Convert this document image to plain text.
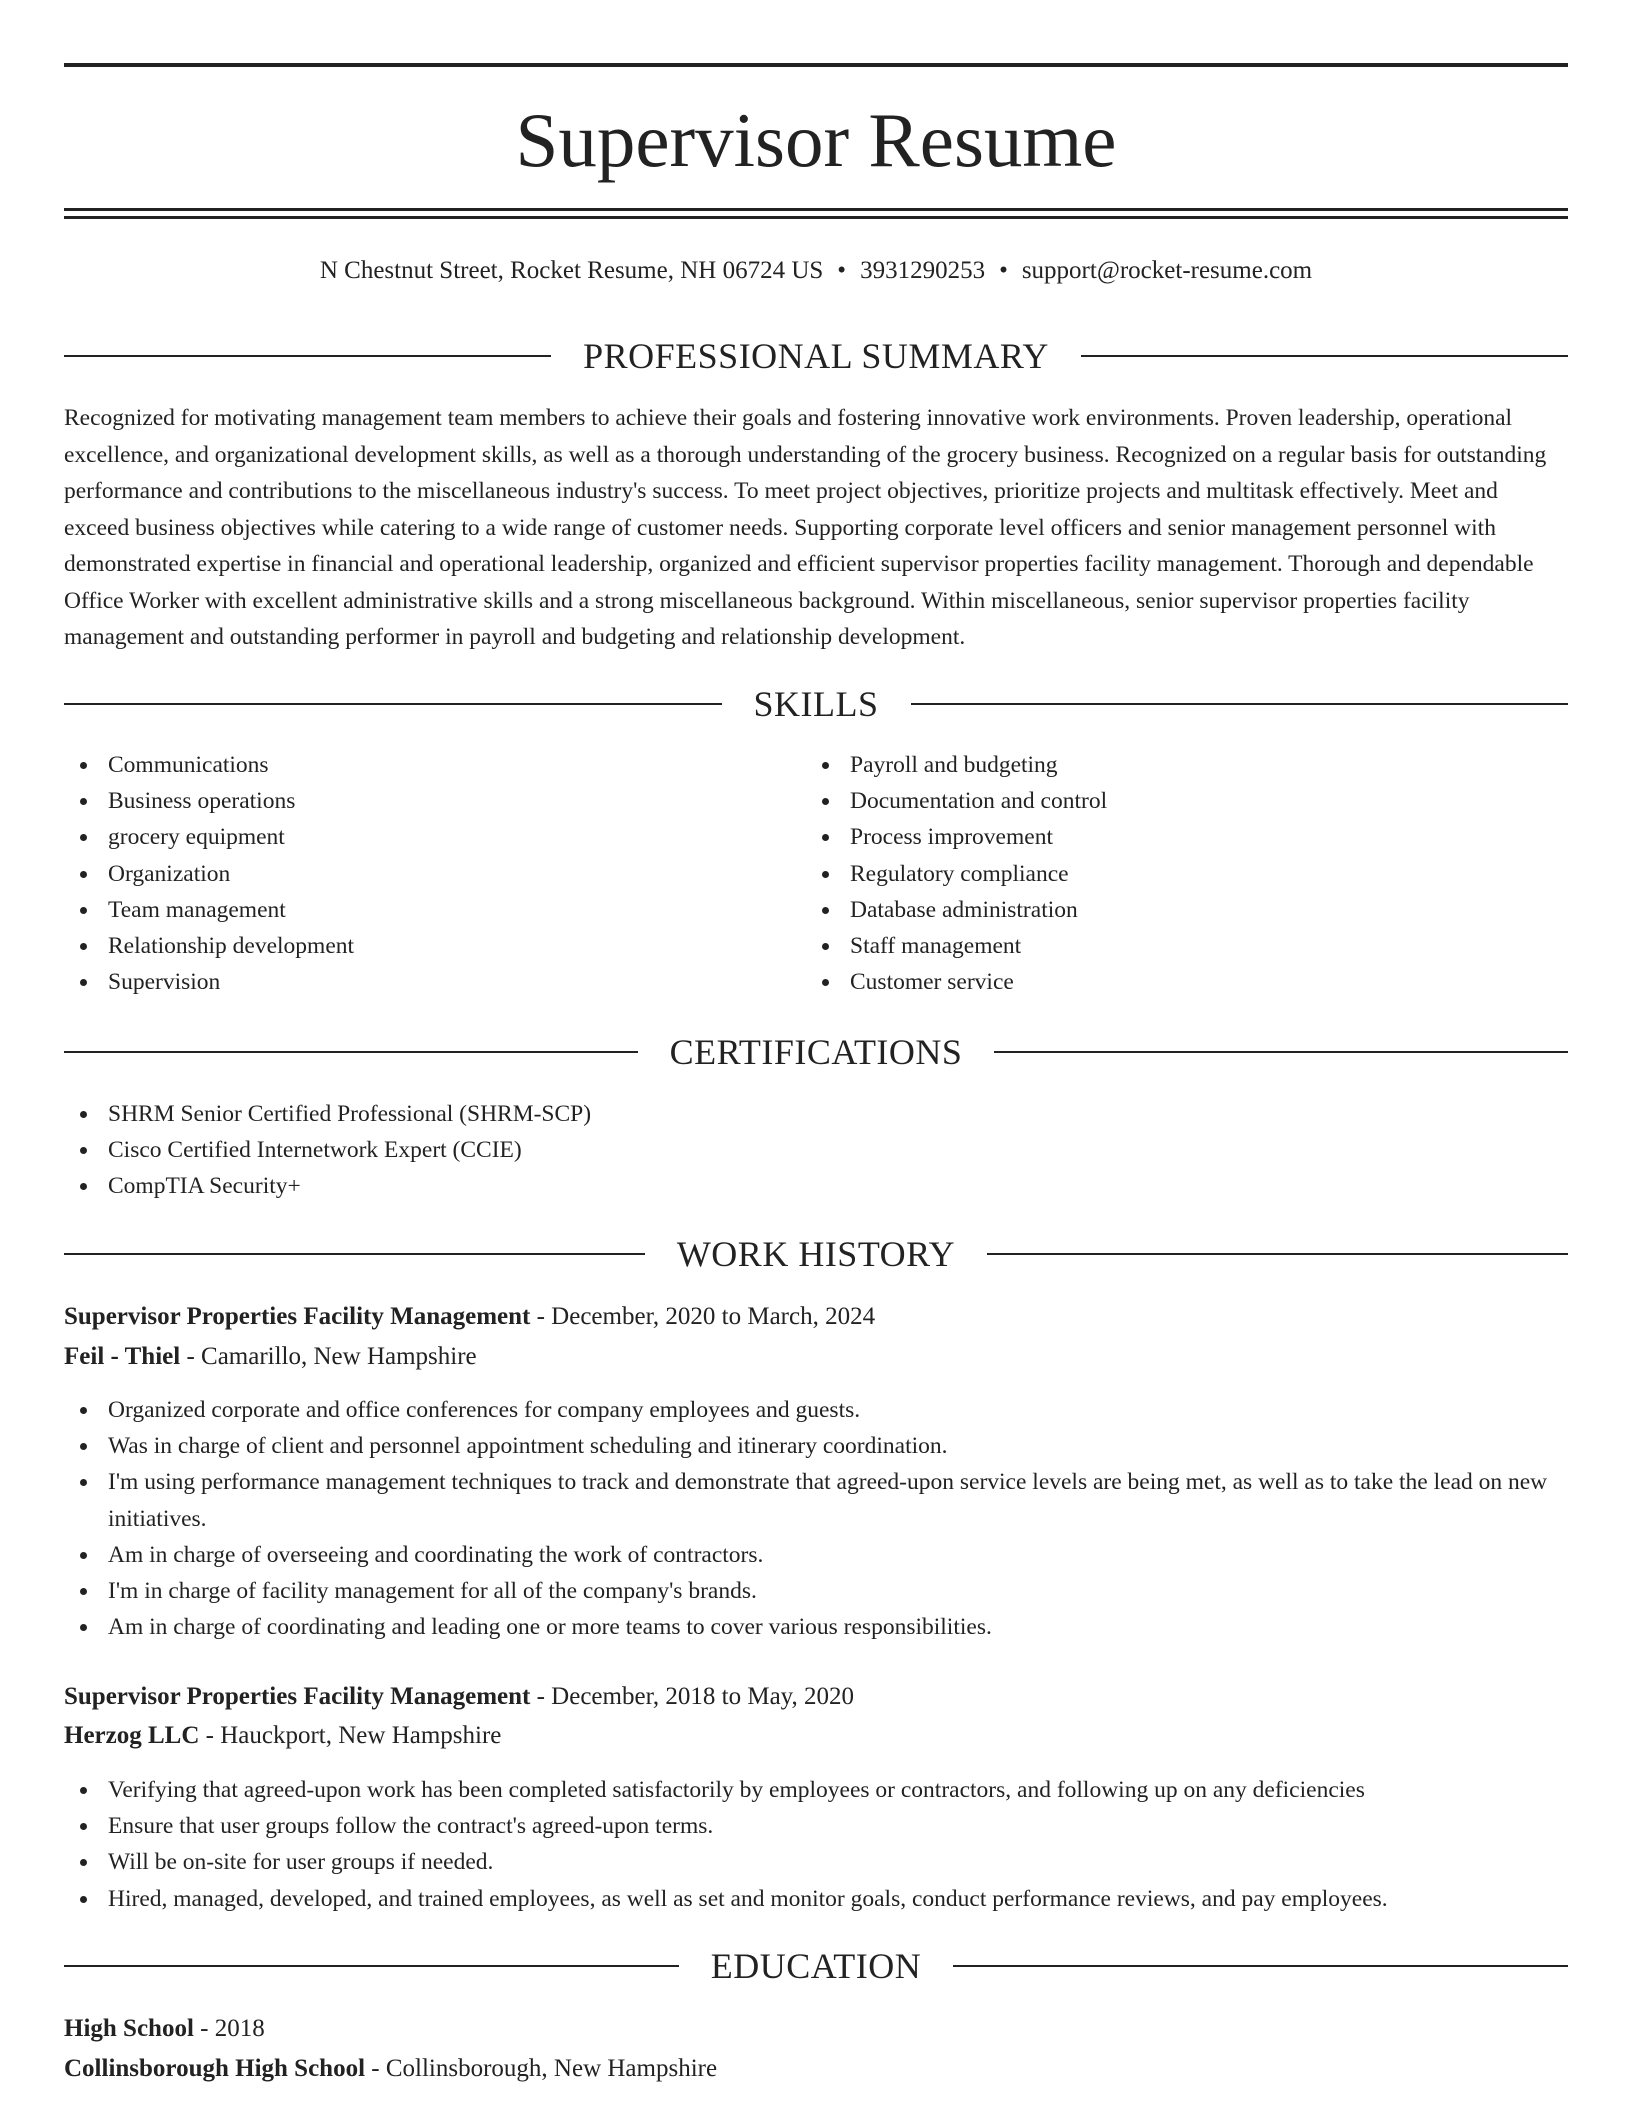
Supervisor Resume
N Chestnut Street, Rocket Resume, NH 06724 US • 3931290253 • support@rocket-resume.com
PROFESSIONAL SUMMARY

Recognized for motivating management team members to achieve their goals and fostering innovative work environments. Proven leadership, operational excellence, and organizational development skills, as well as a thorough understanding of the grocery business. Recognized on a regular basis for outstanding performance and contributions to the miscellaneous industry's success. To meet project objectives, prioritize projects and multitask effectively. Meet and exceed business objectives while catering to a wide range of customer needs. Supporting corporate level officers and senior management personnel with demonstrated expertise in financial and operational leadership, organized and efficient supervisor properties facility management. Thorough and dependable Office Worker with excellent administrative skills and a strong miscellaneous background. Within miscellaneous, senior supervisor properties facility management and outstanding performer in payroll and budgeting and relationship development.

SKILLS
Communications
Business operations
grocery equipment
Organization
Team management
Relationship development
Supervision
Payroll and budgeting
Documentation and control
Process improvement
Regulatory compliance
Database administration
Staff management
Customer service
CERTIFICATIONS
SHRM Senior Certified Professional (SHRM-SCP)
Cisco Certified Internetwork Expert (CCIE)
CompTIA Security+
WORK HISTORY
Supervisor Properties Facility Management - December, 2020 to March, 2024
Feil - Thiel - Camarillo, New Hampshire
Organized corporate and office conferences for company employees and guests.
Was in charge of client and personnel appointment scheduling and itinerary coordination.
I'm using performance management techniques to track and demonstrate that agreed-upon service levels are being met, as well as to take the lead on new initiatives.
Am in charge of overseeing and coordinating the work of contractors.
I'm in charge of facility management for all of the company's brands.
Am in charge of coordinating and leading one or more teams to cover various responsibilities.
Supervisor Properties Facility Management - December, 2018 to May, 2020
Herzog LLC - Hauckport, New Hampshire
Verifying that agreed-upon work has been completed satisfactorily by employees or contractors, and following up on any deficiencies
Ensure that user groups follow the contract's agreed-upon terms.
Will be on-site for user groups if needed.
Hired, managed, developed, and trained employees, as well as set and monitor goals, conduct performance reviews, and pay employees.
EDUCATION
High School - 2018
Collinsborough High School - Collinsborough, New Hampshire
